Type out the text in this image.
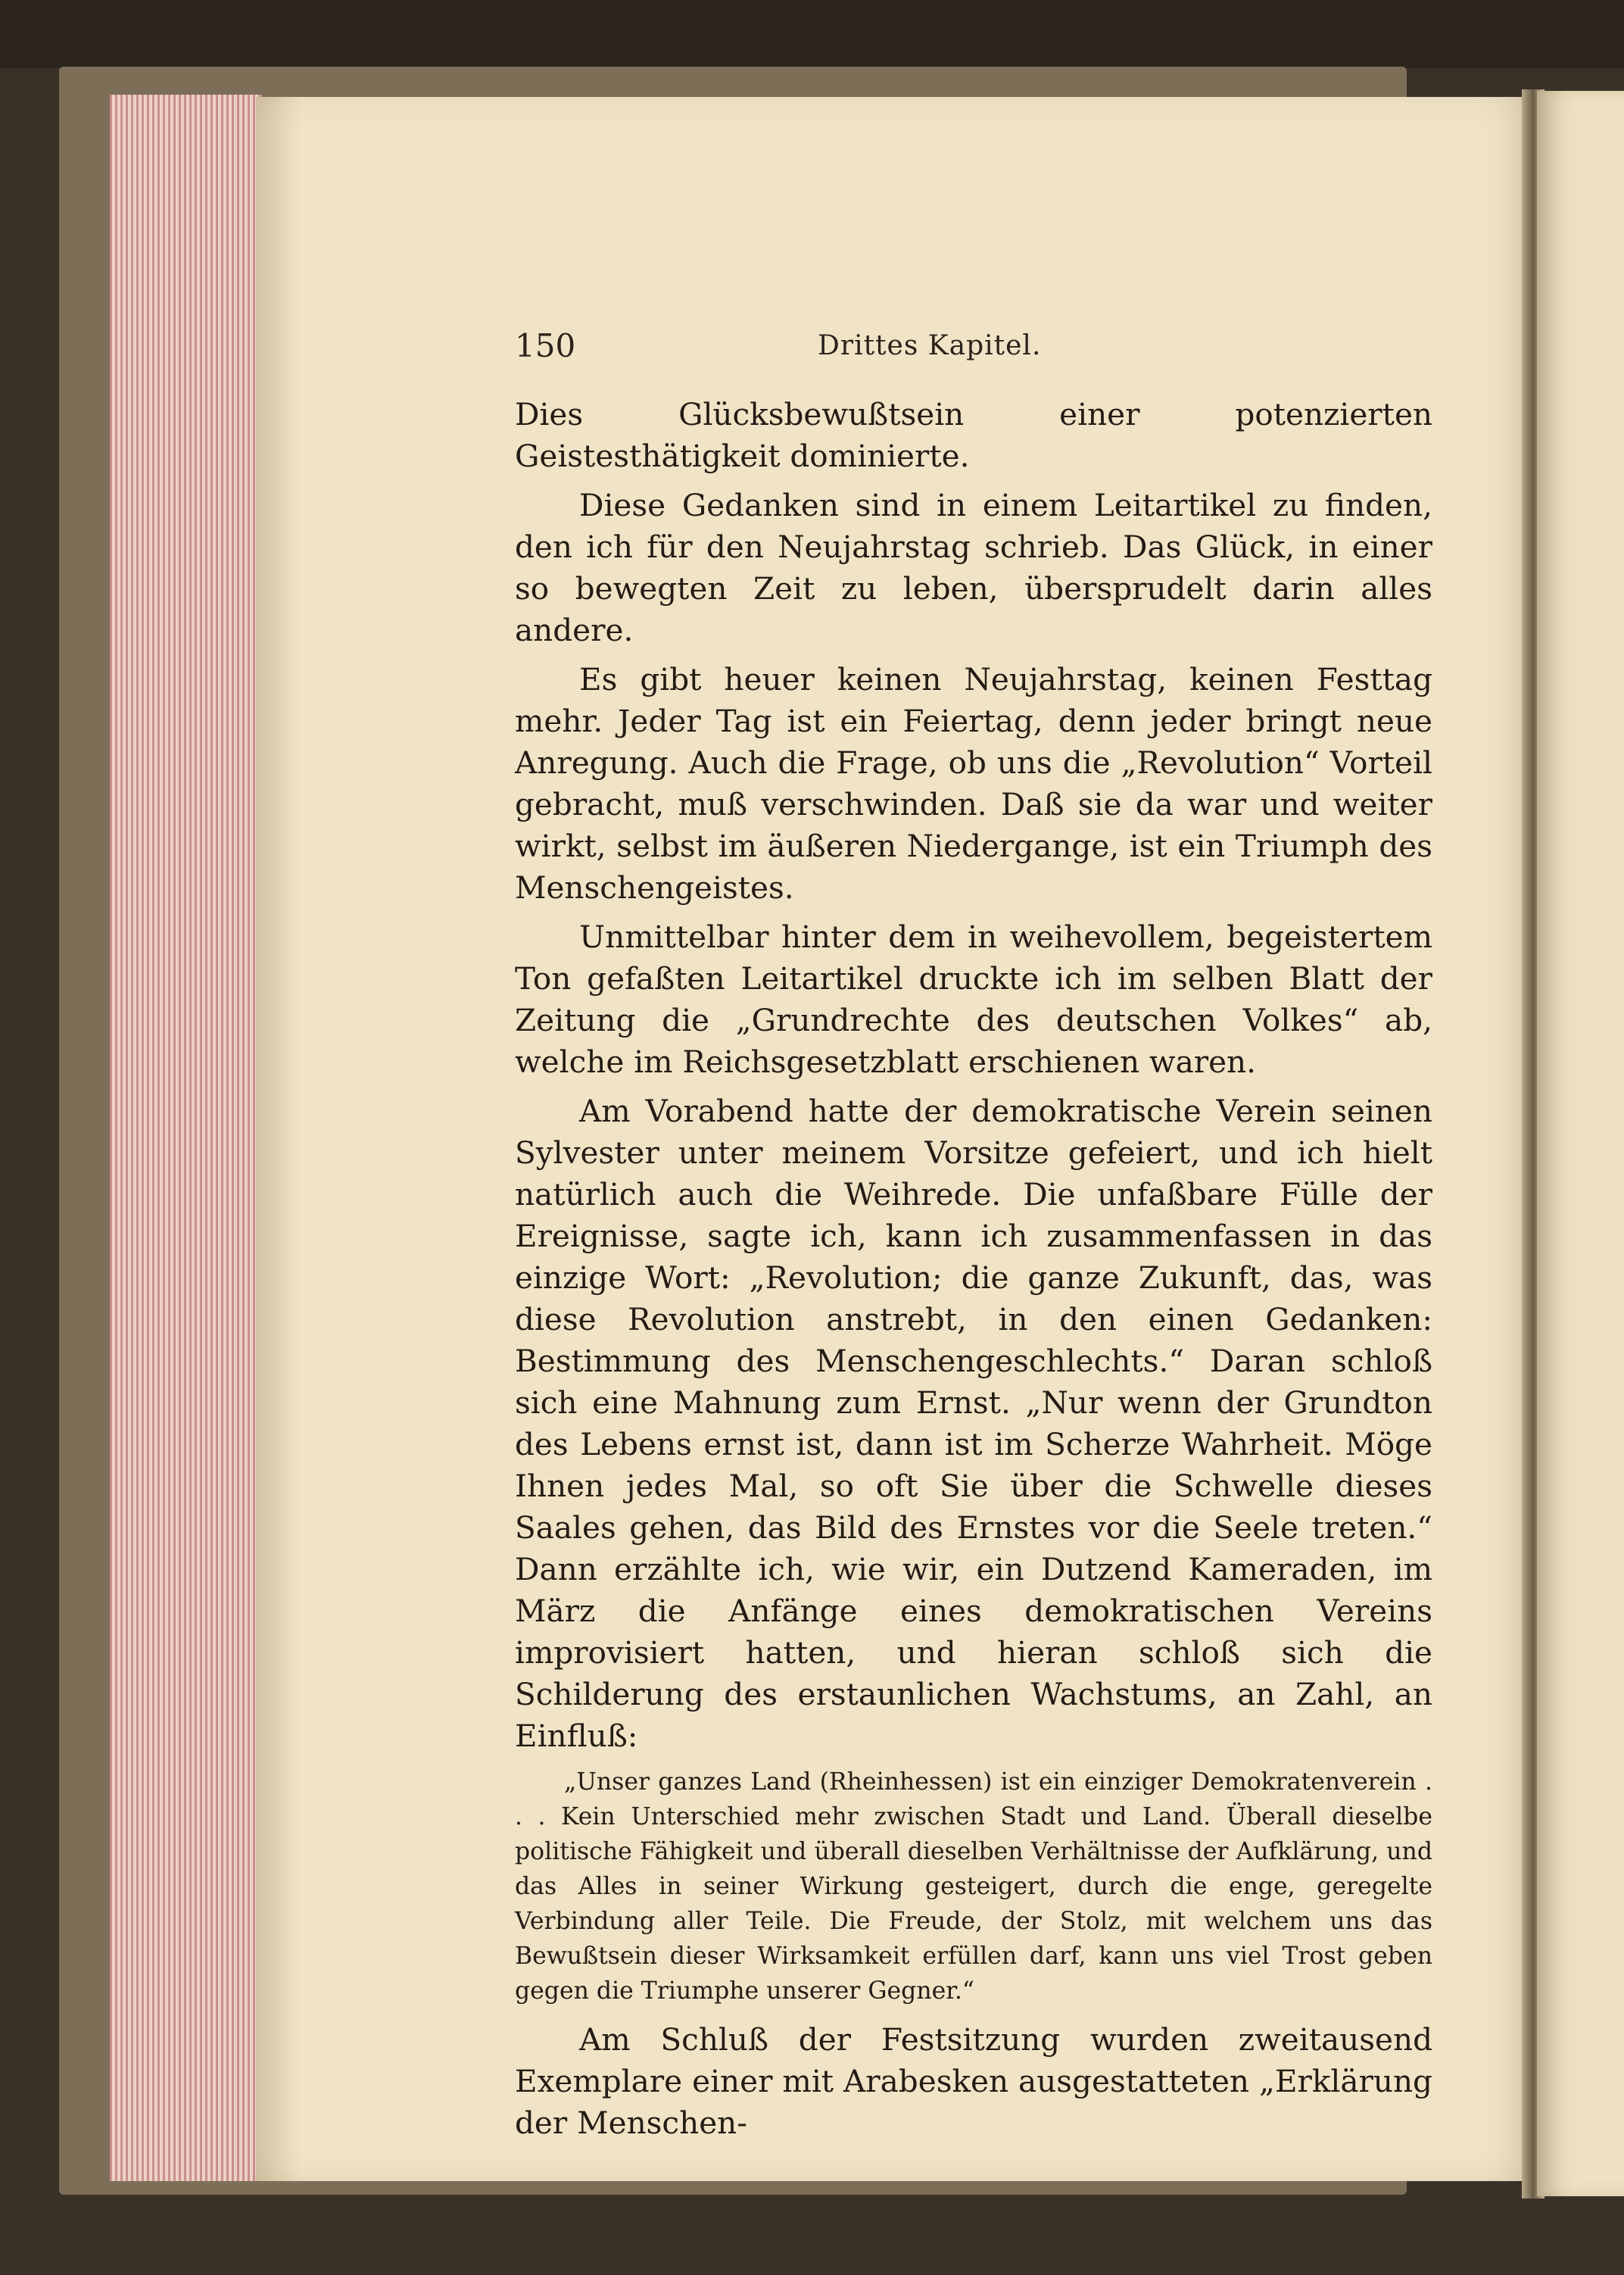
150	Drittes Kapitel.

Dies Glücksbewußtsein einer potenzierten Geistesthätigkeit dominierte.

Diese Gedanken sind in einem Leitartikel zu finden, den ich für den Neujahrstag schrieb. Das Glück, in einer so bewegten Zeit zu leben, übersprudelt darin alles andere.

Es gibt heuer keinen Neujahrstag, keinen Festtag mehr. Jeder Tag ist ein Feiertag, denn jeder bringt neue Anregung. Auch die Frage, ob uns die „Revolution“ Vorteil gebracht, muß verschwinden. Daß sie da war und weiter wirkt, selbst im äußeren Niedergange, ist ein Triumph des Menschengeistes.

Unmittelbar hinter dem in weihevollem, begeistertem Ton gefaßten Leitartikel druckte ich im selben Blatt der Zeitung die „Grundrechte des deutschen Volkes“ ab, welche im Reichsgesetzblatt erschienen waren.

Am Vorabend hatte der demokratische Verein seinen Sylvester unter meinem Vorsitze gefeiert, und ich hielt natürlich auch die Weihrede. Die unfaßbare Fülle der Ereignisse, sagte ich, kann ich zusammenfassen in das einzige Wort: „Revolution; die ganze Zukunft, das, was diese Revolution anstrebt, in den einen Gedanken: Bestimmung des Menschengeschlechts.“ Daran schloß sich eine Mahnung zum Ernst. „Nur wenn der Grundton des Lebens ernst ist, dann ist im Scherze Wahrheit. Möge Ihnen jedes Mal, so oft Sie über die Schwelle dieses Saales gehen, das Bild des Ernstes vor die Seele treten.“ Dann erzählte ich, wie wir, ein Dutzend Kameraden, im März die Anfänge eines demokratischen Vereins improvisiert hatten, und hieran schloß sich die Schilderung des erstaunlichen Wachstums, an Zahl, an Einfluß:

„Unser ganzes Land (Rheinhessen) ist ein einziger Demokratenverein . . . Kein Unterschied mehr zwischen Stadt und Land. Überall dieselbe politische Fähigkeit und überall dieselben Verhältnisse der Aufklärung, und das Alles in seiner Wirkung gesteigert, durch die enge, geregelte Verbindung aller Teile. Die Freude, der Stolz, mit welchem uns das Bewußtsein dieser Wirksamkeit erfüllen darf, kann uns viel Trost geben gegen die Triumphe unserer Gegner.“

Am Schluß der Festsitzung wurden zweitausend Exemplare einer mit Arabesken ausgestatteten „Erklärung der Menschen-
